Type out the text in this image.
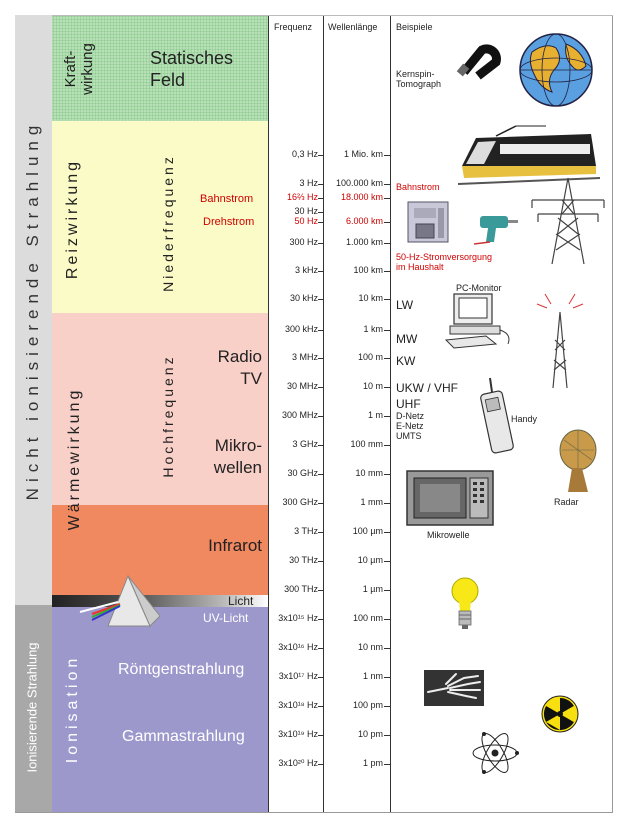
Nicht ionisierende Strahlung
Ionisierende Strahlung
Kraft-
wirkung
Reizwirkung
Wärmewirkung
Ionisation
Statisches
Feld
Niederfrequenz
Hochfrequenz
Bahnstrom
Drehstrom
Radio
TV
Mikro-
wellen
Infrarot
Licht
UV-Licht
Röntgenstrahlung
Gammastrahlung
Frequenz Wellenlänge Beispiele
0,3 Hz	1 Mio. km
3 Hz	100.000 km
16⅔ Hz	18.000 km
30 Hz
50 Hz	6.000 km
300 Hz	1.000 km
3 kHz	100 km
30 kHz	10 km
300 kHz	1 km
3 MHz	100 m
30 MHz	10 m
300 MHz	1 m
3 GHz	100 mm
30 GHz	10 mm
300 GHz	1 mm
3 THz	100 µm
30 THz	10 µm
300 THz	1 µm
3x10¹⁵ Hz	100 nm
3x10¹⁶ Hz	10 nm
3x10¹⁷ Hz	1 nm
3x10¹⁸ Hz	100 pm
3x10¹⁹ Hz	10 pm
3x10²⁰ Hz	1 pm
Kernspin-
Tomograph
Bahnstrom
50-Hz-Stromversorgung
im Haushalt
PC-Monitor
LW
MW
KW
UKW / VHF
UHF
D-Netz
E-Netz
UMTS
Handy
Radar
Mikrowelle
